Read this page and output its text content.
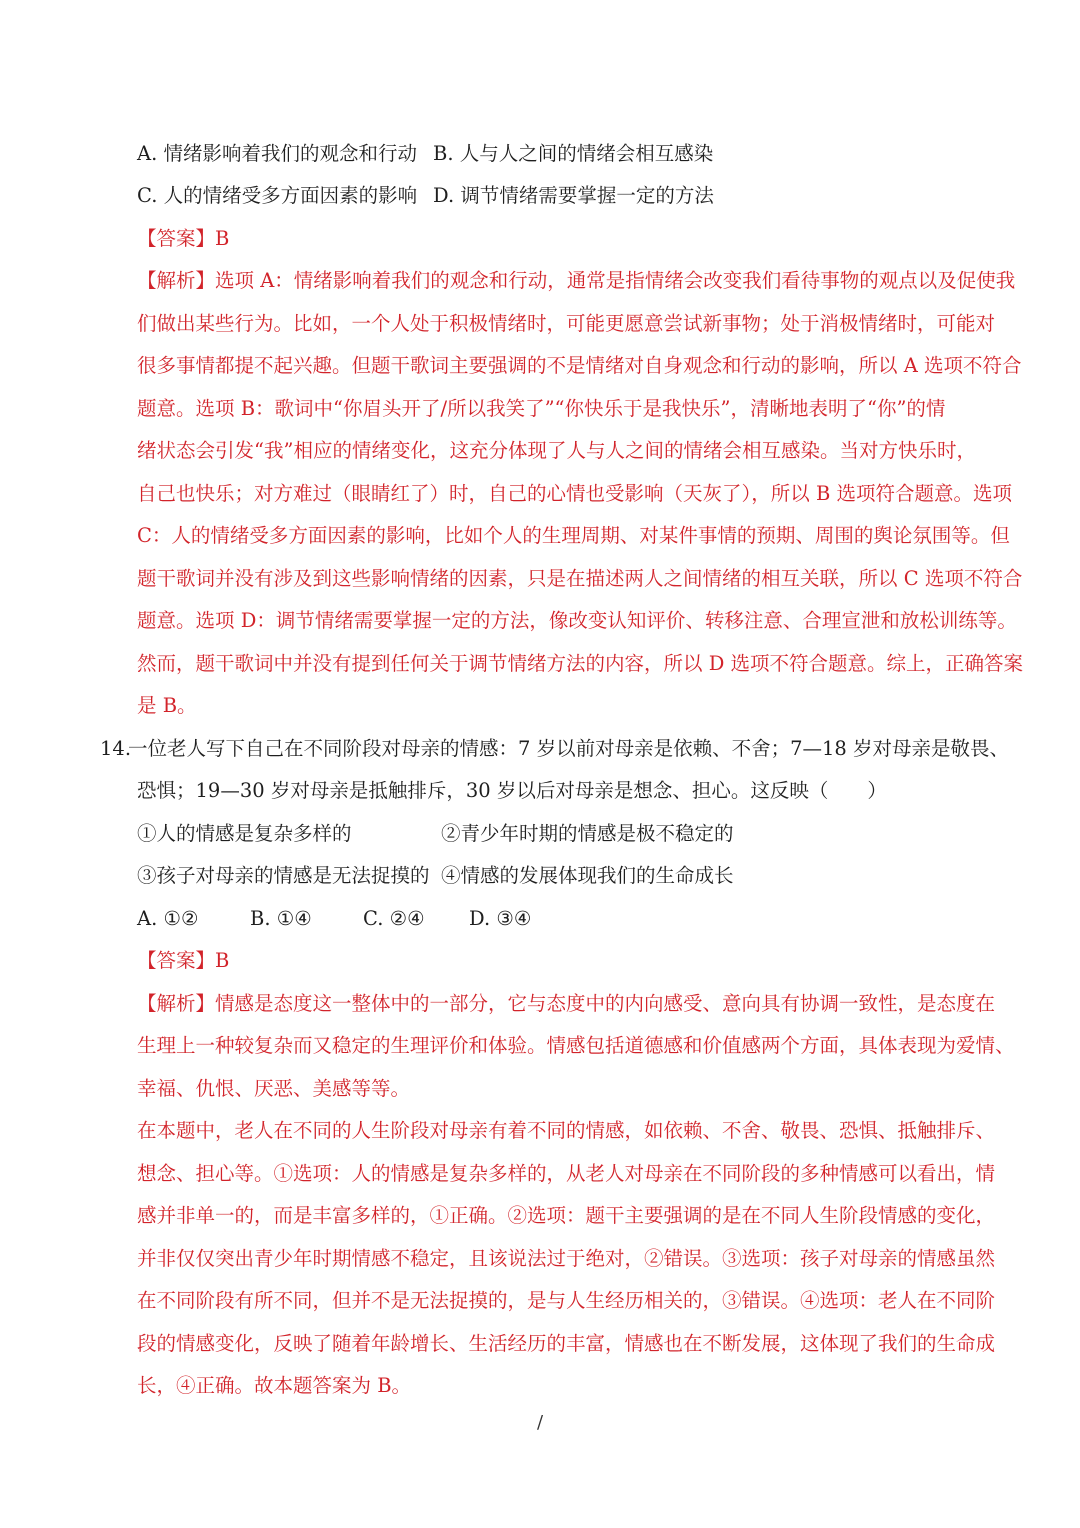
A. 情绪影响着我们的观念和行动 B. 人与人之间的情绪会相互感染
C. 人的情绪受多方面因素的影响 D. 调节情绪需要掌握一定的方法
【答案】B
【解析】选项 A：情绪影响着我们的观念和行动，通常是指情绪会改变我们看待事物的观点以及促使我
们做出某些行为。比如，一个人处于积极情绪时，可能更愿意尝试新事物；处于消极情绪时，可能对
很多事情都提不起兴趣。但题干歌词主要强调的不是情绪对自身观念和行动的影响，所以 A 选项不符合
题意。选项 B：歌词中“你眉头开了/所以我笑了”“你快乐于是我快乐”，清晰地表明了“你”的情
绪状态会引发“我”相应的情绪变化，这充分体现了人与人之间的情绪会相互感染。当对方快乐时，
自己也快乐；对方难过（眼睛红了）时，自己的心情也受影响（天灰了），所以 B 选项符合题意。选项
C：人的情绪受多方面因素的影响，比如个人的生理周期、对某件事情的预期、周围的舆论氛围等。但
题干歌词并没有涉及到这些影响情绪的因素，只是在描述两人之间情绪的相互关联，所以 C 选项不符合
题意。选项 D：调节情绪需要掌握一定的方法，像改变认知评价、转移注意、合理宣泄和放松训练等。
然而，题干歌词中并没有提到任何关于调节情绪方法的内容，所以 D 选项不符合题意。综上，正确答案
是 B。
14.
一位老人写下自己在不同阶段对母亲的情感：7 岁以前对母亲是依赖、不舍；7—18 岁对母亲是敬畏、
恐惧；19—30 岁对母亲是抵触排斥，30 岁以后对母亲是想念、担心。这反映（　　）
①人的情感是复杂多样的	②青少年时期的情感是极不稳定的
③孩子对母亲的情感是无法捉摸的 ④情感的发展体现我们的生命成长
A. ①②	B. ①④	C. ②④ D. ③④
【答案】B
【解析】情感是态度这一整体中的一部分，它与态度中的内向感受、意向具有协调一致性，是态度在
生理上一种较复杂而又稳定的生理评价和体验。情感包括道德感和价值感两个方面，具体表现为爱情、
幸福、仇恨、厌恶、美感等等。
在本题中，老人在不同的人生阶段对母亲有着不同的情感，如依赖、不舍、敬畏、恐惧、抵触排斥、
想念、担心等。①选项：人的情感是复杂多样的，从老人对母亲在不同阶段的多种情感可以看出，情
感并非单一的，而是丰富多样的，①正确。②选项：题干主要强调的是在不同人生阶段情感的变化，
并非仅仅突出青少年时期情感不稳定，且该说法过于绝对，②错误。③选项：孩子对母亲的情感虽然
在不同阶段有所不同，但并不是无法捉摸的，是与人生经历相关的，③错误。④选项：老人在不同阶
段的情感变化，反映了随着年龄增长、生活经历的丰富，情感也在不断发展，这体现了我们的生命成
长，④正确。故本题答案为 B。
/
